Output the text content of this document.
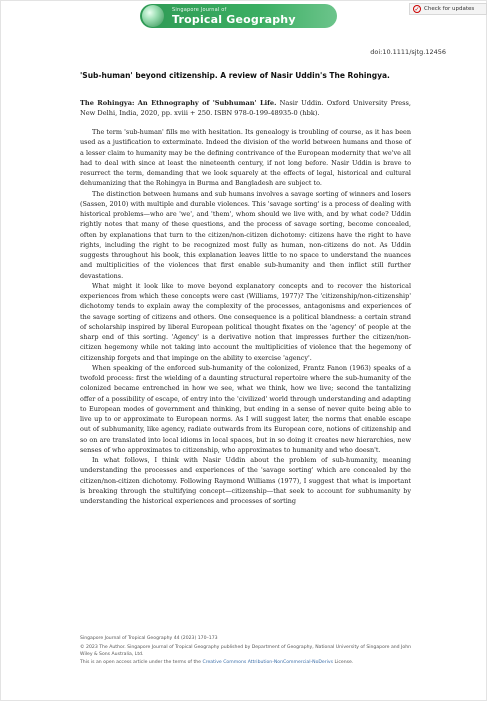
Singapore Journal of
Tropical Geography
✓ Check for updates
doi:10.1111/sjtg.12456
'Sub-human' beyond citizenship. A review of Nasir Uddin's The Rohingya.
The Rohingya: An Ethnography of 'Subhuman' Life. Nasir Uddin. Oxford University Press, New Delhi, India, 2020, pp. xviii + 250. ISBN 978-0-199-48935-0 (hbk).

The term 'sub-human' fills me with hesitation. Its genealogy is troubling of course, as it has been used as a justification to exterminate. Indeed the division of the world between humans and those of a lesser claim to humanity may be the defining contrivance of the European modernity that we've all had to deal with since at least the nineteenth century, if not long before. Nasir Uddin is brave to resurrect the term, demanding that we look squarely at the effects of legal, historical and cultural dehumanizing that the Rohingya in Burma and Bangladesh are subject to.

The distinction between humans and sub humans involves a savage sorting of winners and losers (Sassen, 2010) with multiple and durable violences. This 'savage sorting' is a process of dealing with historical problems—who are 'we', and 'them', whom should we live with, and by what code? Uddin rightly notes that many of these questions, and the process of savage sorting, become concealed, often by explanations that turn to the citizen/non-citizen dichotomy: citizens have the right to have rights, including the right to be recognized most fully as human, non-citizens do not. As Uddin suggests throughout his book, this explanation leaves little to no space to understand the nuances and multiplicities of the violences that first enable sub-humanity and then inflict still further devastations.

What might it look like to move beyond explanatory concepts and to recover the historical experiences from which these concepts were cast (Williams, 1977)? The 'citizenship/non-citizenship' dichotomy tends to explain away the complexity of the processes, antagonisms and experiences of the savage sorting of citizens and others. One consequence is a political blandness: a certain strand of scholarship inspired by liberal European political thought fixates on the 'agency' of people at the sharp end of this sorting. 'Agency' is a derivative notion that impresses further the citizen/non-citizen hegemony while not taking into account the multiplicities of violence that the hegemony of citizenship forgets and that impinge on the ability to exercise 'agency'.

When speaking of the enforced sub-humanity of the colonized, Frantz Fanon (1963) speaks of a twofold process: first the wielding of a daunting structural repertoire where the sub-humanity of the colonized became entrenched in how we see, what we think, how we live; second the tantalizing offer of a possibility of escape, of entry into the 'civilized' world through understanding and adapting to European modes of government and thinking, but ending in a sense of never quite being able to live up to or approximate to European norms. As I will suggest later, the norms that enable escape out of subhumanity, like agency, radiate outwards from its European core, notions of citizenship and so on are translated into local idioms in local spaces, but in so doing it creates new hierarchies, new senses of who approximates to citizenship, who approximates to humanity and who doesn't.

In what follows, I think with Nasir Uddin about the problem of sub-humanity, meaning understanding the processes and experiences of the 'savage sorting' which are concealed by the citizen/non-citizen dichotomy. Following Raymond Williams (1977), I suggest that what is important is breaking through the stultifying concept—citizenship—that seek to account for subhumanity by understanding the historical experiences and processes of sorting

Singapore Journal of Tropical Geography 44 (2023) 170–173
© 2023 The Author. Singapore Journal of Tropical Geography published by Department of Geography, National University of Singapore and John Wiley & Sons Australia, Ltd.
This is an open access article under the terms of the Creative Commons Attribution-NonCommercial-NoDerivs License.
